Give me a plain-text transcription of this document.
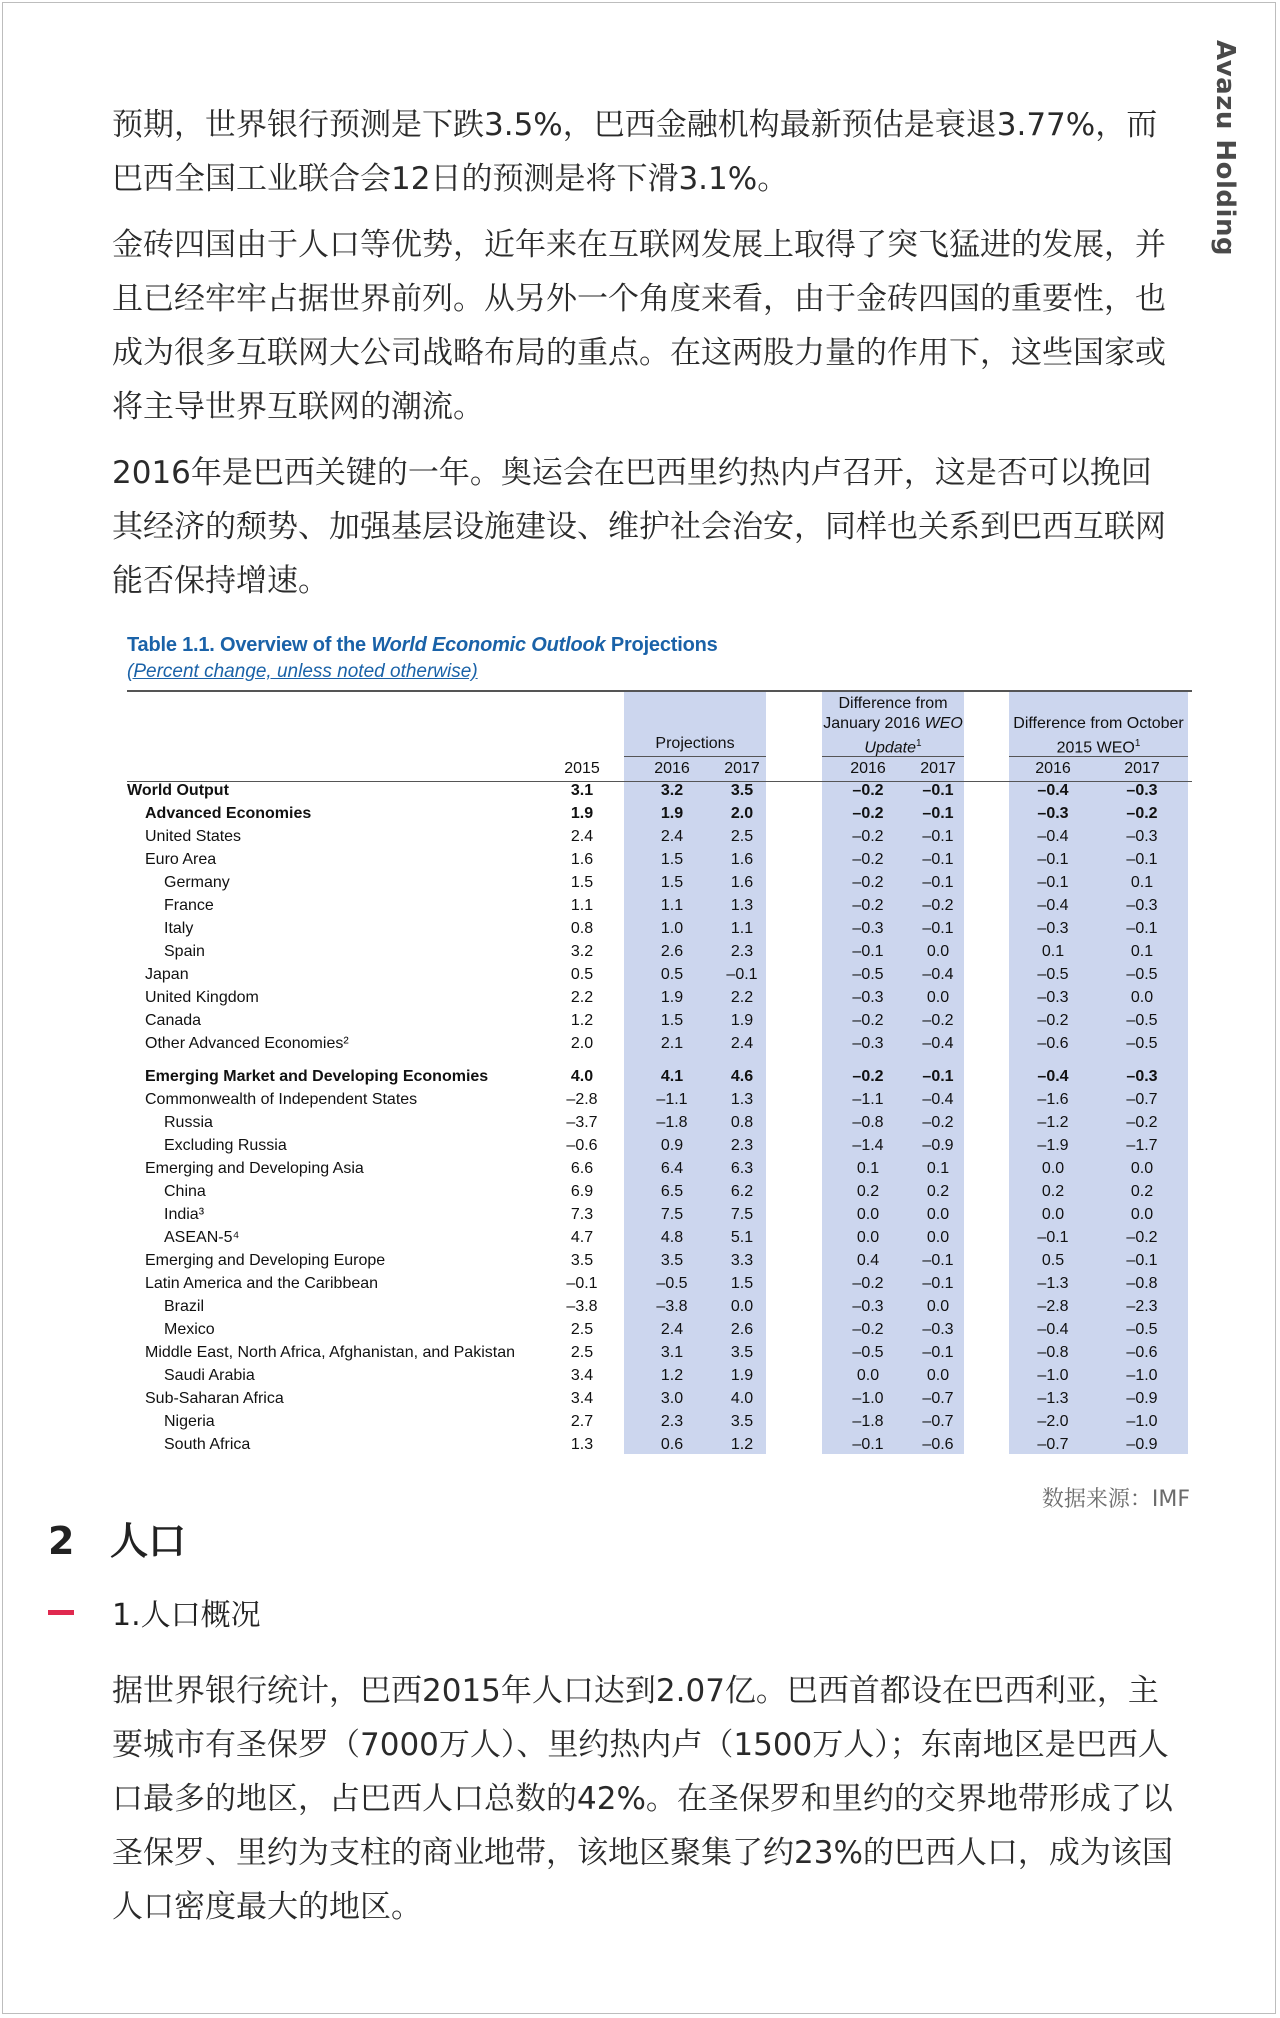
Avazu Holding

预期，世界银行预测是下跌3.5%，巴西金融机构最新预估是衰退3.77%，而巴西全国工业联合会12日的预测是将下滑3.1%。

金砖四国由于人口等优势，近年来在互联网发展上取得了突飞猛进的发展，并且已经牢牢占据世界前列。从另外一个角度来看，由于金砖四国的重要性，也成为很多互联网大公司战略布局的重点。在这两股力量的作用下，这些国家或将主导世界互联网的潮流。

2016年是巴西关键的一年。奥运会在巴西里约热内卢召开，这是否可以挽回其经济的颓势、加强基层设施建设、维护社会治安，同样也关系到巴西互联网能否保持增速。

Table 1.1. Overview of the World Economic Outlook Projections
(Percent change, unless noted otherwise)
Projections
Difference from
January 2016 WEO
Update$^1$
Difference from October
2015 WEO$^1$
2015	2016	2017	2016	2017	2016	2017
World Output	3.1	3.2	3.5	–0.2	–0.1	–0.4	–0.3
Advanced Economies	1.9	1.9	2.0	–0.2	–0.1	–0.3	–0.2
United States	2.4	2.4	2.5	–0.2	–0.1	–0.4	–0.3
Euro Area	1.6	1.5	1.6	–0.2	–0.1	–0.1	–0.1
Germany	1.5	1.5	1.6	–0.2	–0.1	–0.1	0.1
France	1.1	1.1	1.3	–0.2	–0.2	–0.4	–0.3
Italy	0.8	1.0	1.1	–0.3	–0.1	–0.3	–0.1
Spain	3.2	2.6	2.3	–0.1	0.0	0.1	0.1
Japan	0.5	0.5	–0.1	–0.5	–0.4	–0.5	–0.5
United Kingdom	2.2	1.9	2.2	–0.3	0.0	–0.3	0.0
Canada	1.2	1.5	1.9	–0.2	–0.2	–0.2	–0.5
Other Advanced Economies²	2.0	2.1	2.4	–0.3	–0.4	–0.6	–0.5
Emerging Market and Developing Economies	4.0	4.1	4.6	–0.2	–0.1	–0.4	–0.3
Commonwealth of Independent States	–2.8	–1.1	1.3	–1.1	–0.4	–1.6	–0.7
Russia	–3.7	–1.8	0.8	–0.8	–0.2	–1.2	–0.2
Excluding Russia	–0.6	0.9	2.3	–1.4	–0.9	–1.9	–1.7
Emerging and Developing Asia	6.6	6.4	6.3	0.1	0.1	0.0	0.0
China	6.9	6.5	6.2	0.2	0.2	0.2	0.2
India³	7.3	7.5	7.5	0.0	0.0	0.0	0.0
ASEAN-5⁴	4.7	4.8	5.1	0.0	0.0	–0.1	–0.2
Emerging and Developing Europe	3.5	3.5	3.3	0.4	–0.1	0.5	–0.1
Latin America and the Caribbean	–0.1	–0.5	1.5	–0.2	–0.1	–1.3	–0.8
Brazil	–3.8	–3.8	0.0	–0.3	0.0	–2.8	–2.3
Mexico	2.5	2.4	2.6	–0.2	–0.3	–0.4	–0.5
Middle East, North Africa, Afghanistan, and Pakistan	2.5	3.1	3.5	–0.5	–0.1	–0.8	–0.6
Saudi Arabia	3.4	1.2	1.9	0.0	0.0	–1.0	–1.0
Sub-Saharan Africa	3.4	3.0	4.0	–1.0	–0.7	–1.3	–0.9
Nigeria	2.7	2.3	3.5	–1.8	–0.7	–2.0	–1.0
South Africa	1.3	0.6	1.2	–0.1	–0.6	–0.7	–0.9
数据来源：IMF
2 人口
1.人口概况

据世界银行统计，巴西2015年人口达到2.07亿。巴西首都设在巴西利亚，主要城市有圣保罗（7000万人）、里约热内卢（1500万人）；东南地区是巴西人口最多的地区，占巴西人口总数的42%。在圣保罗和里约的交界地带形成了以圣保罗、里约为支柱的商业地带，该地区聚集了约23%的巴西人口，成为该国人口密度最大的地区。
